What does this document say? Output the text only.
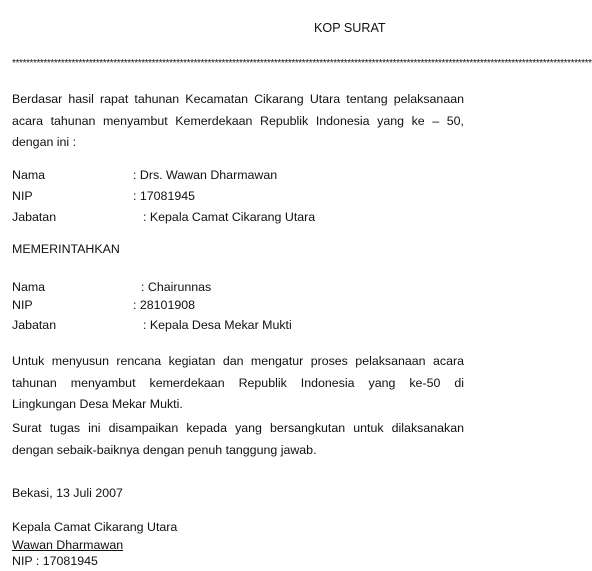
KOP SURAT
**********************************************************************************************************************************************************************
Berdasar hasil rapat tahunan Kecamatan Cikarang Utara tentang pelaksanaan
acara tahunan menyambut Kemerdekaan Republik Indonesia yang ke – 50,
dengan ini :
Nama	: Drs. Wawan Dharmawan
NIP	: 17081945
Jabatan	: Kepala Camat Cikarang Utara
MEMERINTAHKAN
Nama	: Chairunnas
NIP	: 28101908
Jabatan	: Kepala Desa Mekar Mukti
Untuk menyusun rencana kegiatan dan mengatur proses pelaksanaan acara
tahunan menyambut kemerdekaan Republik Indonesia yang ke-50 di
Lingkungan Desa Mekar Mukti.
Surat tugas ini disampaikan kepada yang bersangkutan untuk dilaksanakan
dengan sebaik-baiknya dengan penuh tanggung jawab.
Bekasi, 13 Juli 2007
Kepala Camat Cikarang Utara
Wawan Dharmawan
NIP : 17081945
